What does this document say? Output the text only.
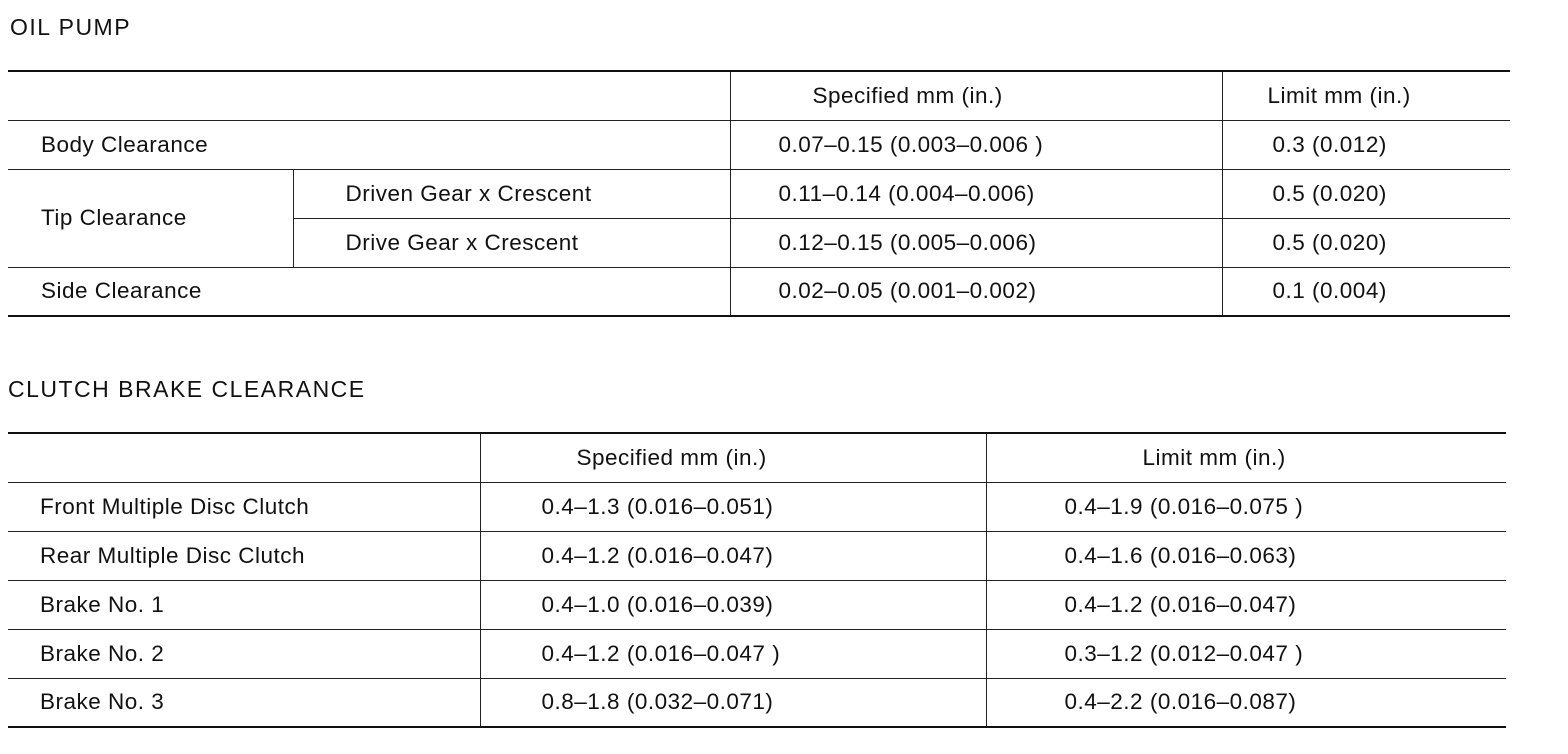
OIL PUMP
		Specified mm (in.)	Limit mm (in.)
Body Clearance		0.07–0.15 (0.003–0.006 )	0.3 (0.012)
Tip Clearance	Driven Gear x Crescent	0.11–0.14 (0.004–0.006)	0.5 (0.020)
	Drive Gear x Crescent	0.12–0.15 (0.005–0.006)	0.5 (0.020)
Side Clearance		0.02–0.05 (0.001–0.002)	0.1 (0.004)
CLUTCH BRAKE CLEARANCE
	Specified mm (in.)	Limit mm (in.)
Front Multiple Disc Clutch	0.4–1.3 (0.016–0.051)	0.4–1.9 (0.016–0.075 )
Rear Multiple Disc Clutch	0.4–1.2 (0.016–0.047)	0.4–1.6 (0.016–0.063)
Brake No. 1	0.4–1.0 (0.016–0.039)	0.4–1.2 (0.016–0.047)
Brake No. 2	0.4–1.2 (0.016–0.047 )	0.3–1.2 (0.012–0.047 )
Brake No. 3	0.8–1.8 (0.032–0.071)	0.4–2.2 (0.016–0.087)
